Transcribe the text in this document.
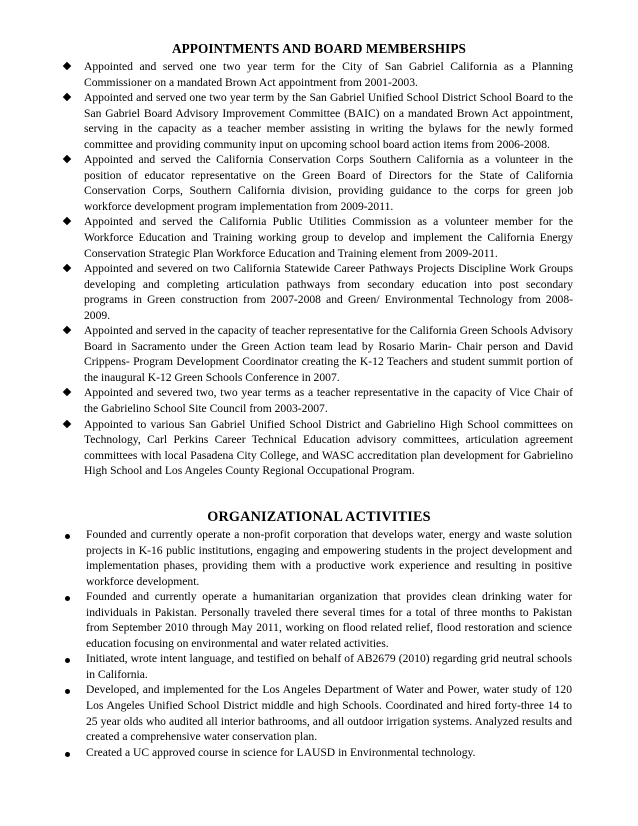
APPOINTMENTS AND BOARD MEMBERSHIPS
Appointed and served one two year term for the City of San Gabriel California as a Planning Commissioner on a mandated Brown Act appointment from 2001-2003.
Appointed and served one two year term by the San Gabriel Unified School District School Board to the San Gabriel Board Advisory Improvement Committee (BAIC) on a mandated Brown Act appointment, serving in the capacity as a teacher member assisting in writing the bylaws for the newly formed committee and providing community input on upcoming school board action items from 2006-2008.
Appointed and served the California Conservation Corps Southern California as a volunteer in the position of educator representative on the Green Board of Directors for the State of California Conservation Corps, Southern California division, providing guidance to the corps for green job workforce development program implementation from 2009-2011.
Appointed and served the California Public Utilities Commission as a volunteer member for the Workforce Education and Training working group to develop and implement the California Energy Conservation Strategic Plan Workforce Education and Training element from 2009-2011.
Appointed and severed on two California Statewide Career Pathways Projects Discipline Work Groups developing and completing articulation pathways from secondary education into post secondary programs in Green construction from 2007-2008 and Green/ Environmental Technology from 2008-2009.
Appointed and served in the capacity of teacher representative for the California Green Schools Advisory Board in Sacramento under the Green Action team lead by Rosario Marin- Chair person and David Crippens- Program Development Coordinator creating the K-12 Teachers and student summit portion of the inaugural K-12 Green Schools Conference in 2007.
Appointed and severed two, two year terms as a teacher representative in the capacity of Vice Chair of the Gabrielino School Site Council from 2003-2007.
Appointed to various San Gabriel Unified School District and Gabrielino High School committees on Technology, Carl Perkins Career Technical Education advisory committees, articulation agreement committees with local Pasadena City College, and WASC accreditation plan development for Gabrielino High School and Los Angeles County Regional Occupational Program.
ORGANIZATIONAL ACTIVITIES
Founded and currently operate a non-profit corporation that develops water, energy and waste solution projects in K-16 public institutions, engaging and empowering students in the project development and implementation phases, providing them with a productive work experience and resulting in positive workforce development.
Founded and currently operate a humanitarian organization that provides clean drinking water for individuals in Pakistan. Personally traveled there several times for a total of three months to Pakistan from September 2010 through May 2011, working on flood related relief, flood restoration and science education focusing on environmental and water related activities.
Initiated, wrote intent language, and testified on behalf of AB2679 (2010) regarding grid neutral schools in California.
Developed, and implemented for the Los Angeles Department of Water and Power, water study of 120 Los Angeles Unified School District middle and high Schools. Coordinated and hired forty-three 14 to 25 year olds who audited all interior bathrooms, and all outdoor irrigation systems. Analyzed results and created a comprehensive water conservation plan.
Created a UC approved course in science for LAUSD in Environmental technology.
